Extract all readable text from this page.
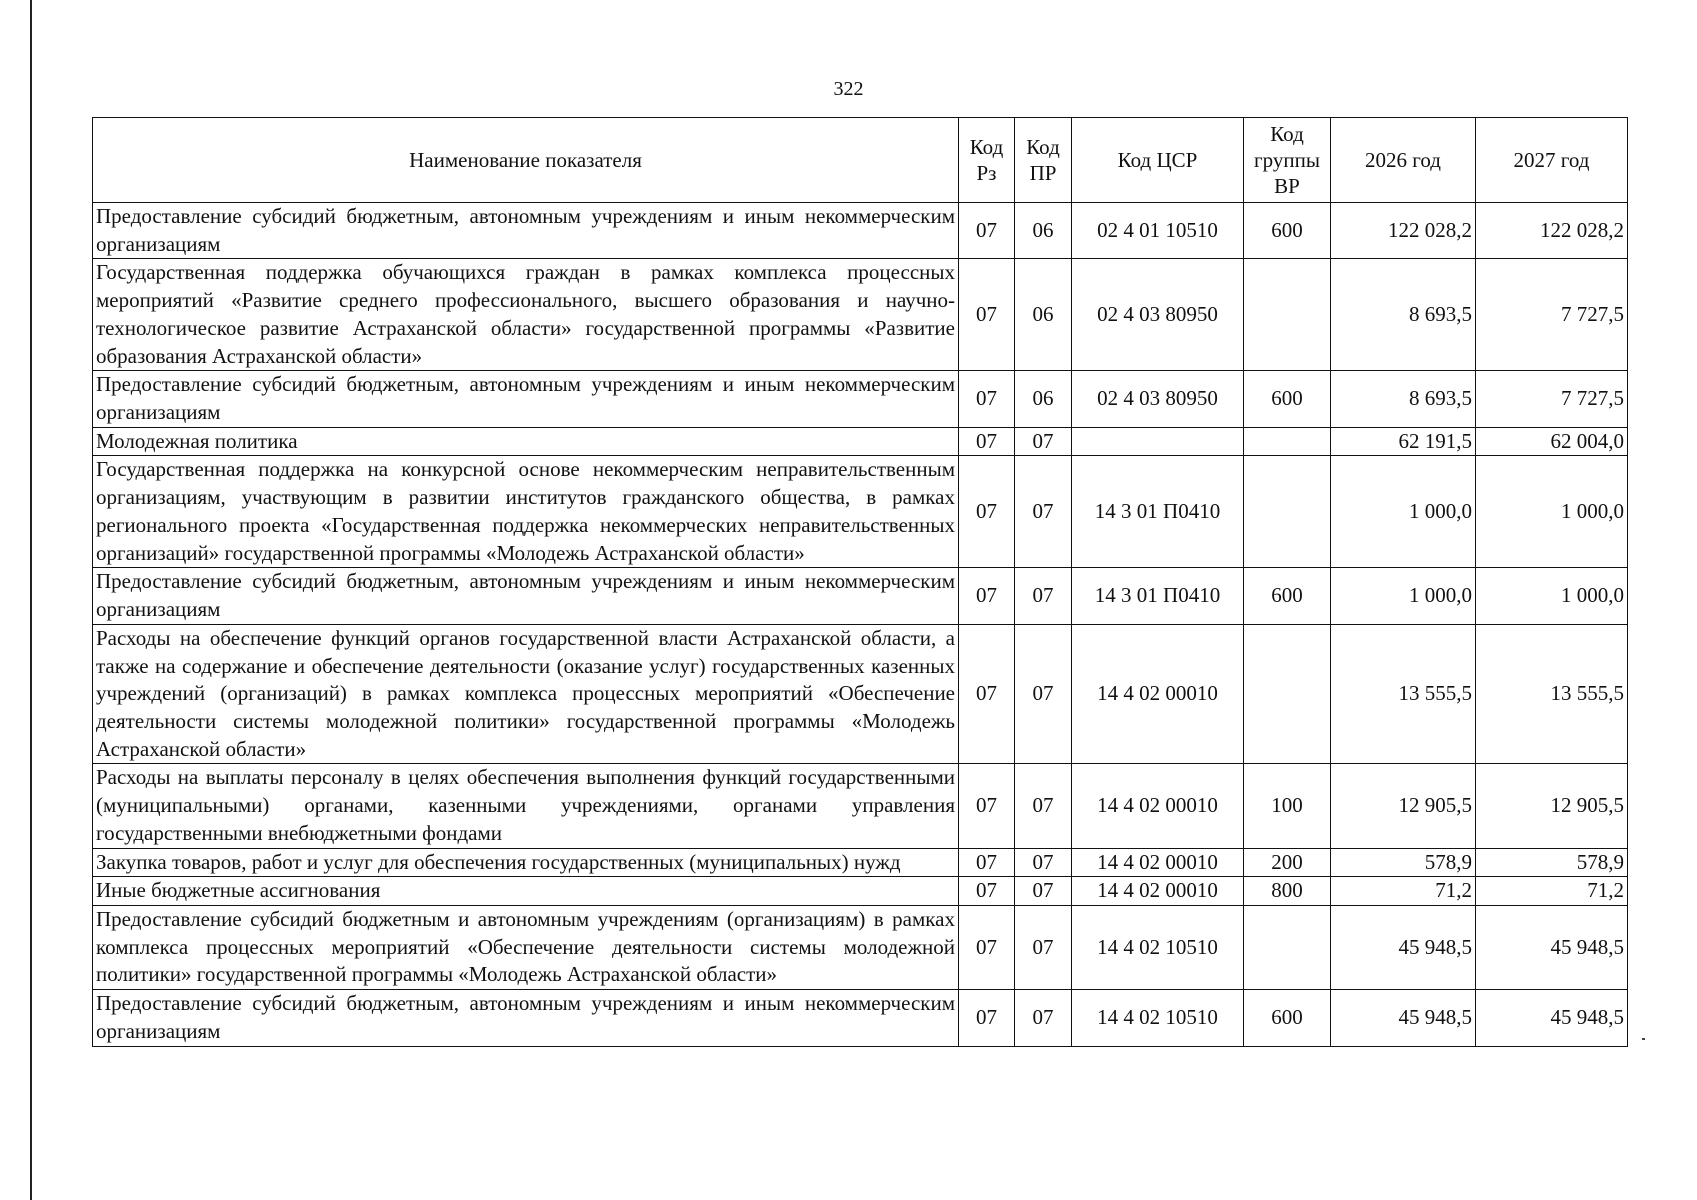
322
Наименование показателя	Код Рз	Код ПР	Код ЦСР	Код группы ВР	2026 год	2027 год
Предоставление субсидий бюджетным, автономным учреждениям и иным некоммерческим организациям	07	06	02 4 01 10510	600	122 028,2	122 028,2
Государственная поддержка обучающихся граждан в рамках комплекса процессных мероприятий «Развитие среднего профессионального, высшего образования и научно-технологическое развитие Астраханской области» государственной программы «Развитие образования Астраханской области»	07	06	02 4 03 80950		8 693,5	7 727,5
Предоставление субсидий бюджетным, автономным учреждениям и иным некоммерческим организациям	07	06	02 4 03 80950	600	8 693,5	7 727,5
Молодежная политика	07	07			62 191,5	62 004,0
Государственная поддержка на конкурсной основе некоммерческим неправительственным организациям, участвующим в развитии институтов гражданского общества, в рамках регионального проекта «Государственная поддержка некоммерческих неправительственных организаций» государственной программы «Молодежь Астраханской области»	07	07	14 3 01 П0410		1 000,0	1 000,0
Предоставление субсидий бюджетным, автономным учреждениям и иным некоммерческим организациям	07	07	14 3 01 П0410	600	1 000,0	1 000,0
Расходы на обеспечение функций органов государственной власти Астраханской области, а также на содержание и обеспечение деятельности (оказание услуг) государственных казенных учреждений (организаций) в рамках комплекса процессных мероприятий «Обеспечение деятельности системы молодежной политики» государственной программы «Молодежь Астраханской области»	07	07	14 4 02 00010		13 555,5	13 555,5
Расходы на выплаты персоналу в целях обеспечения выполнения функций государственными (муниципальными) органами, казенными учреждениями, органами управления государственными внебюджетными фондами	07	07	14 4 02 00010	100	12 905,5	12 905,5
Закупка товаров, работ и услуг для обеспечения государственных (муниципальных) нужд	07	07	14 4 02 00010	200	578,9	578,9
Иные бюджетные ассигнования	07	07	14 4 02 00010	800	71,2	71,2
Предоставление субсидий бюджетным и автономным учреждениям (организациям) в рамках комплекса процессных мероприятий «Обеспечение деятельности системы молодежной политики» государственной программы «Молодежь Астраханской области»	07	07	14 4 02 10510		45 948,5	45 948,5
Предоставление субсидий бюджетным, автономным учреждениям и иным некоммерческим организациям	07	07	14 4 02 10510	600	45 948,5	45 948,5
